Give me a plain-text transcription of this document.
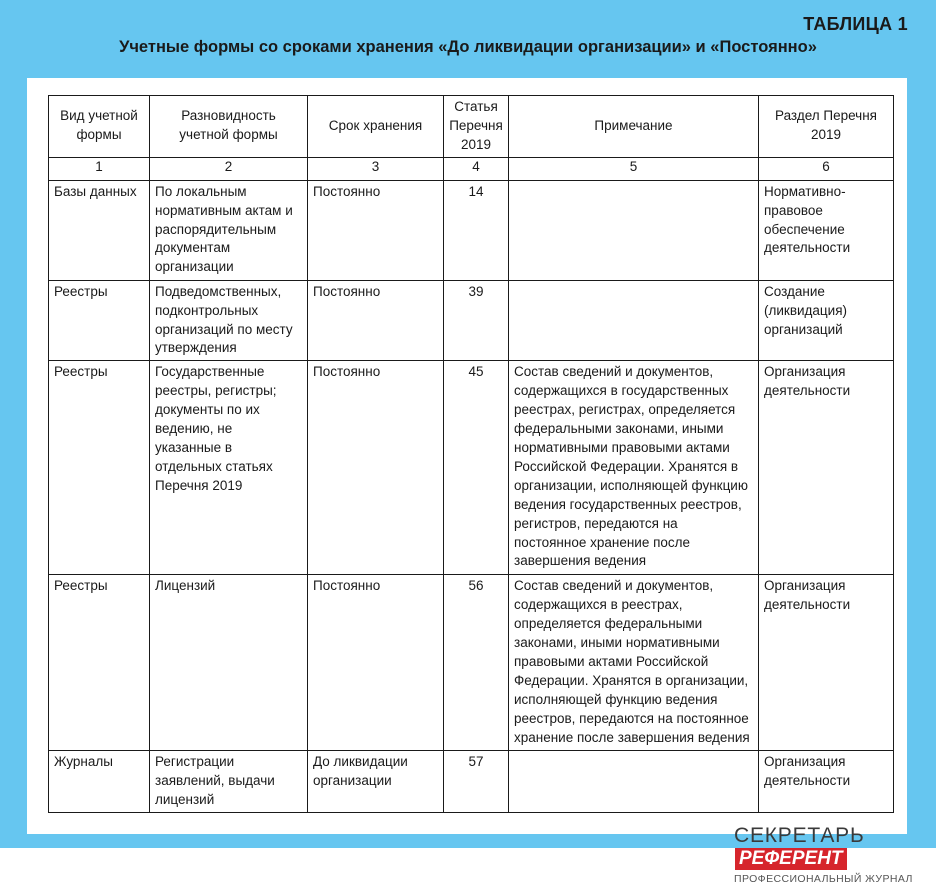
ТАБЛИЦА 1
Учетные формы со сроками хранения «До ликвидации организации» и «Постоянно»
Вид учетной формы	Разновидность учетной формы	Срок хранения	Статья Перечня 2019	Примечание	Раздел Перечня 2019
1	2	3	4	5	6
Базы данных	По локальным нормативным актам и распорядительным документам организации	Постоянно	14		Нормативно-правовое обеспечение деятельности
Реестры	Подведомственных, подконтрольных организаций по месту утверждения	Постоянно	39		Создание (ликвидация) организаций
Реестры	Государственные реестры, регистры; документы по их ведению, не указанные в отдельных статьях Перечня 2019	Постоянно	45	Состав сведений и документов, содержащихся в государственных реестрах, регистрах, определяется федеральными законами, иными нормативными правовыми актами Российской Федерации. Хранятся в организации, исполняющей функцию ведения государственных реестров, регистров, передаются на постоянное хранение после завершения ведения	Организация деятельности
Реестры	Лицензий	Постоянно	56	Состав сведений и документов, содержащихся в реестрах, определяется федеральными законами, иными нормативными правовыми актами Российской Федерации. Хранятся в организации, исполняющей функцию ведения реестров, передаются на постоянное хранение после завершения ведения	Организация деятельности
Журналы	Регистрации заявлений, выдачи лицензий	До ликвидации организации	57		Организация деятельности
СЕКРЕТАРЬРЕФЕРЕНТ
ПРОФЕССИОНАЛЬНЫЙ ЖУРНАЛ
